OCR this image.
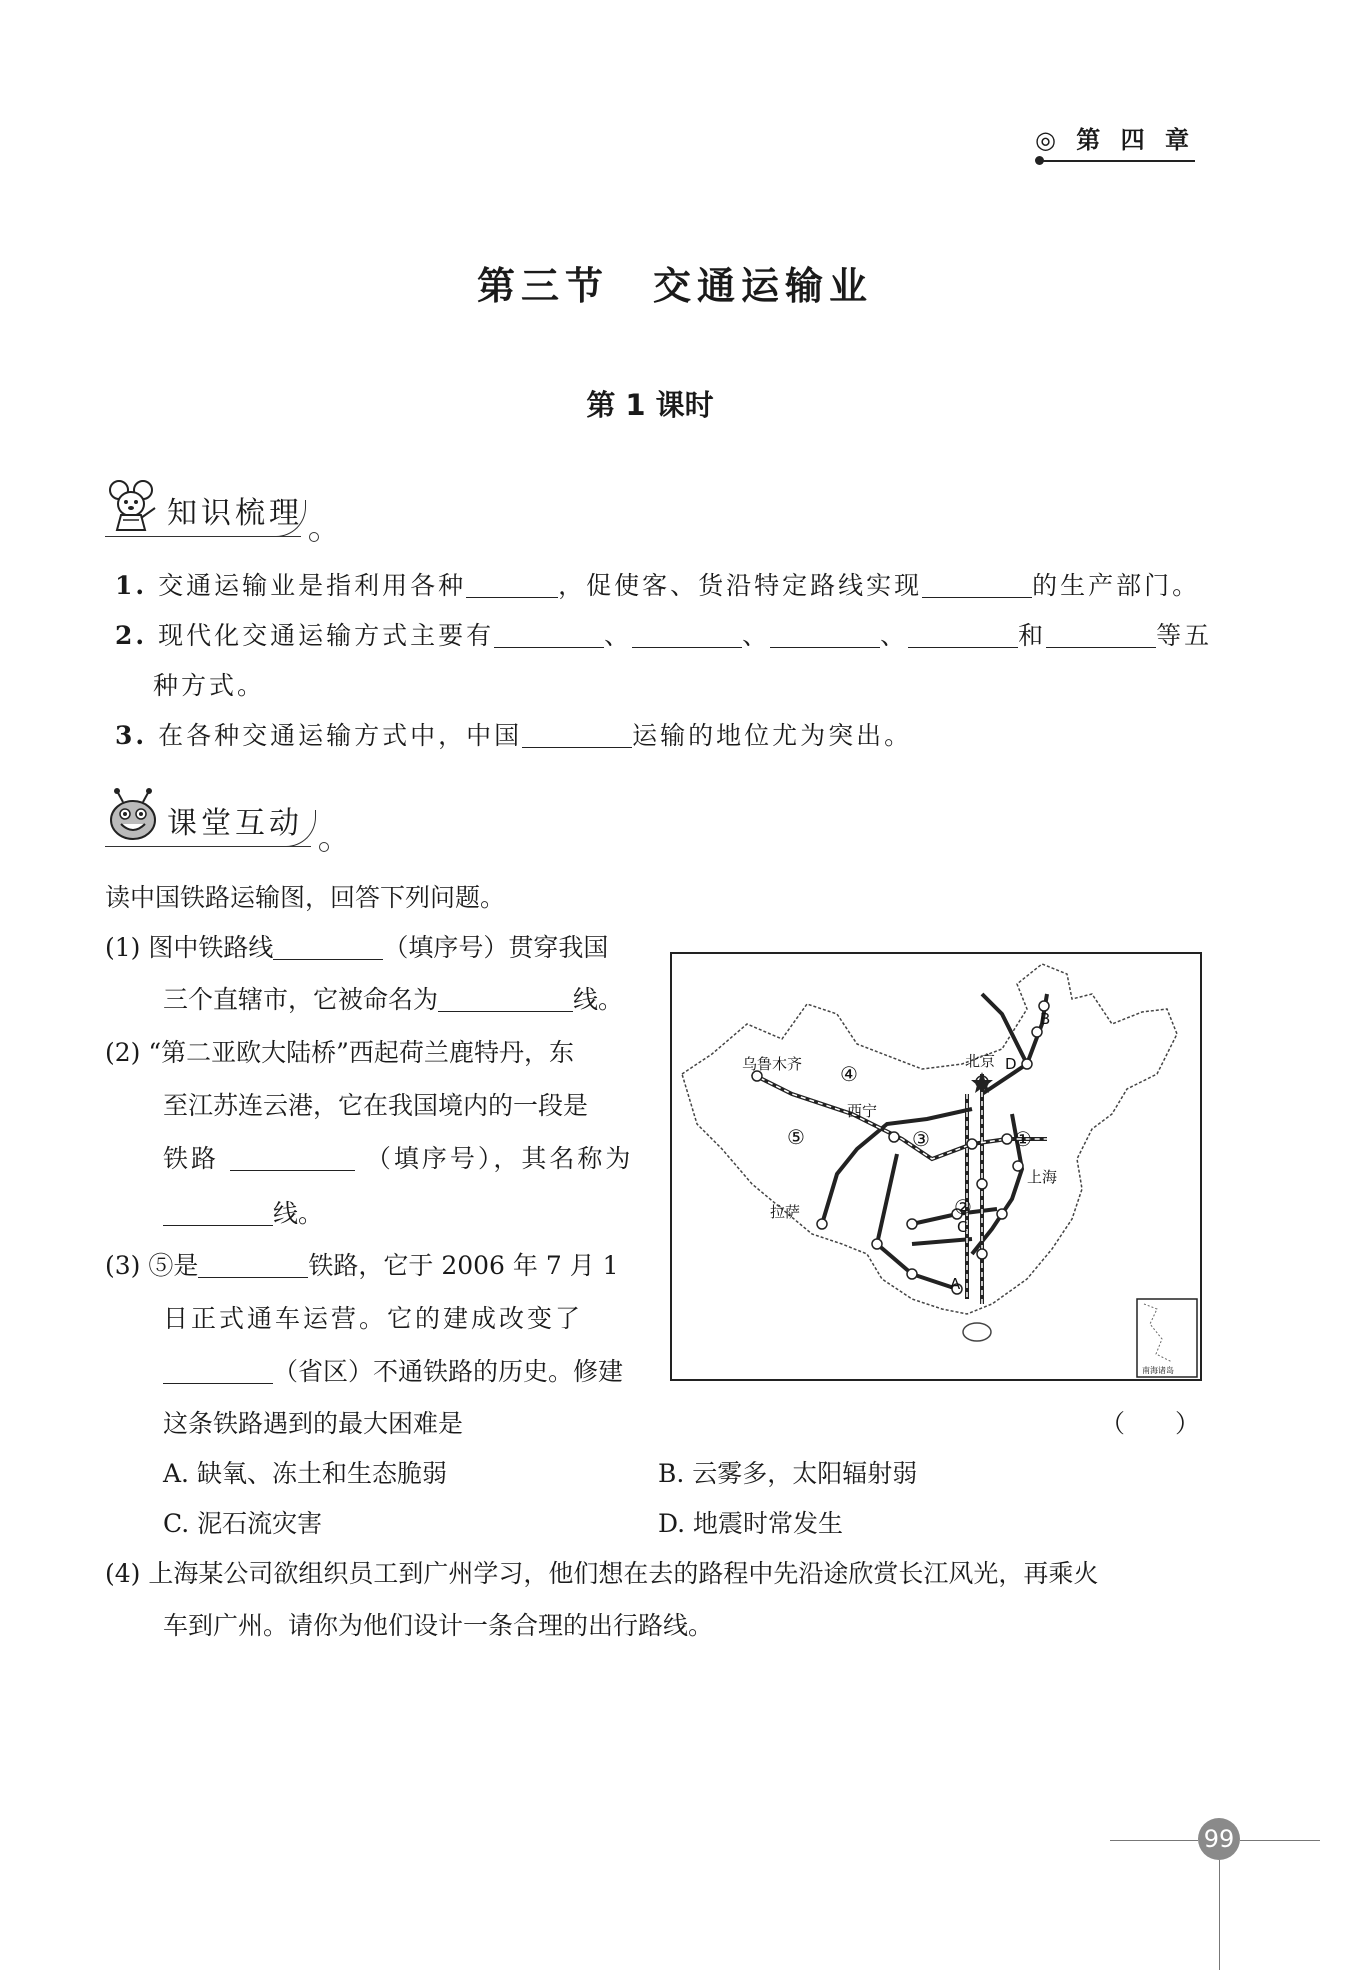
◎ 第 四 章
第三节　交通运输业
第 1 课时
知识梳理
1. 交通运输业是指利用各种	，促使客、货沿特定路线实现	的生产部门。
2. 现代化交通运输方式主要有	、	、	、	和	等五
种方式。
3. 在各种交通运输方式中，中国	运输的地位尤为突出。
课堂互动
读中国铁路运输图，回答下列问题。
(1) 图中铁路线	（填序号）贯穿我国
三个直辖市，它被命名为	线。
(2) “第二亚欧大陆桥”西起荷兰鹿特丹，东
至江苏连云港，它在我国境内的一段是
铁路	（填序号），其名称为
线。
(3) ⑤是	铁路，它于 2006 年 7 月 1
日正式通车运营。它的建成改变了
（省区）不通铁路的历史。修建
这条铁路遇到的最大困难是	（　　）
A. 缺氧、冻土和生态脆弱	B. 云雾多，太阳辐射弱
C. 泥石流灾害	D. 地震时常发生
(4) 上海某公司欲组织员工到广州学习，他们想在去的路程中先沿途欣赏长江风光，再乘火
车到广州。请你为他们设计一条合理的出行路线。
乌鲁木齐
西宁
拉萨
北京
上海
A
B
C
D
①
②
③
④
⑤
南海诸岛
99
